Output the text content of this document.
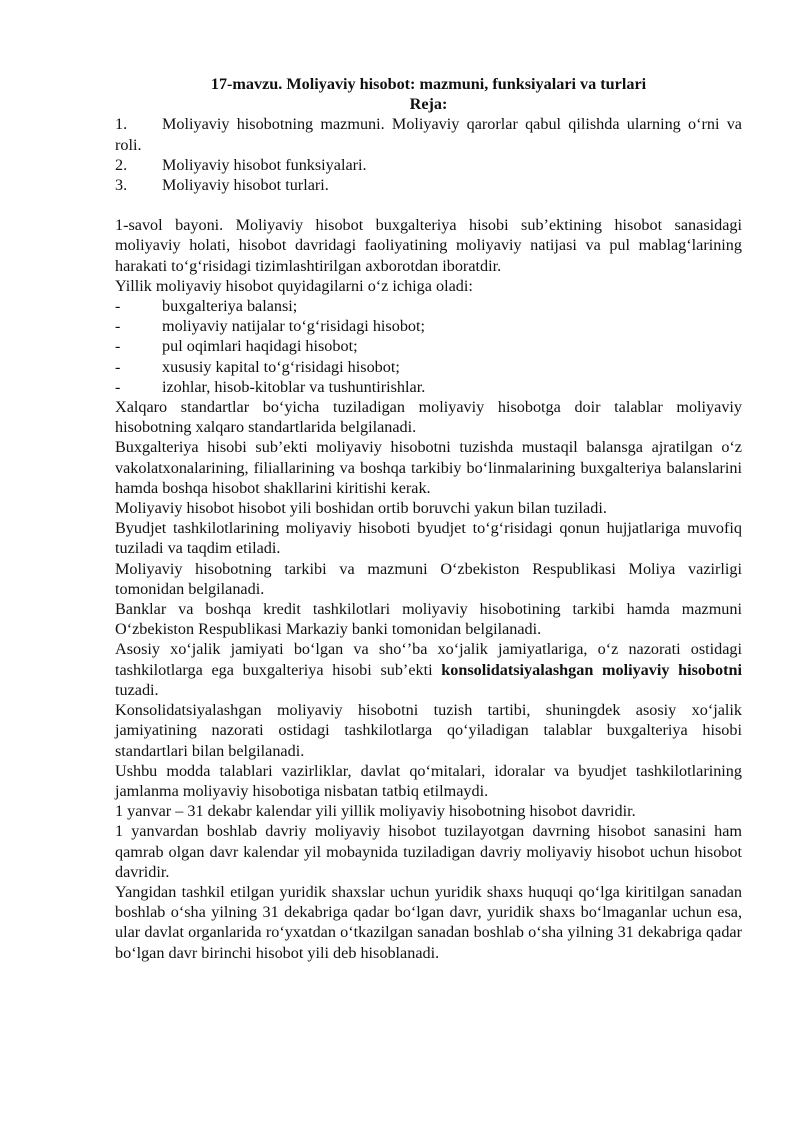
17-mavzu. Moliyaviy hisobot: mazmuni, funksiyalari va turlari

Reja:

1. Moliyaviy hisobotning mazmuni. Moliyaviy qarorlar qabul qilishda ularning o‘rni va roli.
2.	Moliyaviy hisobot funksiyalari.
3.	Moliyaviy hisobot turlari.

1-savol bayoni. Moliyaviy hisobot buxgalteriya hisobi sub’ektining hisobot sanasidagi moliyaviy holati, hisobot davridagi faoliyatining moliyaviy natijasi va pul mablag‘larining harakati to‘g‘risidagi tizimlashtirilgan axborotdan iboratdir.

Yillik moliyaviy hisobot quyidagilarni o‘z ichiga oladi:

-	buxgalteriya balansi;
-	moliyaviy natijalar to‘g‘risidagi hisobot;
-	pul oqimlari haqidagi hisobot;
-	xususiy kapital to‘g‘risidagi hisobot;
-	izohlar, hisob-kitoblar va tushuntirishlar.

Xalqaro standartlar bo‘yicha tuziladigan moliyaviy hisobotga doir talablar moliyaviy hisobotning xalqaro standartlarida belgilanadi.

Buxgalteriya hisobi sub’ekti moliyaviy hisobotni tuzishda mustaqil balansga ajratilgan o‘z vakolatxonalarining, filiallarining va boshqa tarkibiy bo‘linmalarining buxgalteriya balanslarini hamda boshqa hisobot shakllarini kiritishi kerak.

Moliyaviy hisobot hisobot yili boshidan ortib boruvchi yakun bilan tuziladi.

Byudjet tashkilotlarining moliyaviy hisoboti byudjet to‘g‘risidagi qonun hujjatlariga muvofiq tuziladi va taqdim etiladi.

Moliyaviy hisobotning tarkibi va mazmuni O‘zbekiston Respublikasi Moliya vazirligi tomonidan belgilanadi.

Banklar va boshqa kredit tashkilotlari moliyaviy hisobotining tarkibi hamda mazmuni O‘zbekiston Respublikasi Markaziy banki tomonidan belgilanadi.

Asosiy xo‘jalik jamiyati bo‘lgan va sho‘’ba xo‘jalik jamiyatlariga, o‘z nazorati ostidagi tashkilotlarga ega buxgalteriya hisobi sub’ekti konsolidatsiyalashgan moliyaviy hisobotni tuzadi.

Konsolidatsiyalashgan moliyaviy hisobotni tuzish tartibi, shuningdek asosiy xo‘jalik jamiyatining nazorati ostidagi tashkilotlarga qo‘yiladigan talablar buxgalteriya hisobi standartlari bilan belgilanadi.

Ushbu modda talablari vazirliklar, davlat qo‘mitalari, idoralar va byudjet tashkilotlarining jamlanma moliyaviy hisobotiga nisbatan tatbiq etilmaydi.

1 yanvar – 31 dekabr kalendar yili yillik moliyaviy hisobotning hisobot davridir.

1 yanvardan boshlab davriy moliyaviy hisobot tuzilayotgan davrning hisobot sanasini ham qamrab olgan davr kalendar yil mobaynida tuziladigan davriy moliyaviy hisobot uchun hisobot davridir.

Yangidan tashkil etilgan yuridik shaxslar uchun yuridik shaxs huquqi qo‘lga kiritilgan sanadan boshlab o‘sha yilning 31 dekabriga qadar bo‘lgan davr, yuridik shaxs bo‘lmaganlar uchun esa, ular davlat organlarida ro‘yxatdan o‘tkazilgan sanadan boshlab o‘sha yilning 31 dekabriga qadar bo‘lgan davr birinchi hisobot yili deb hisoblanadi.
